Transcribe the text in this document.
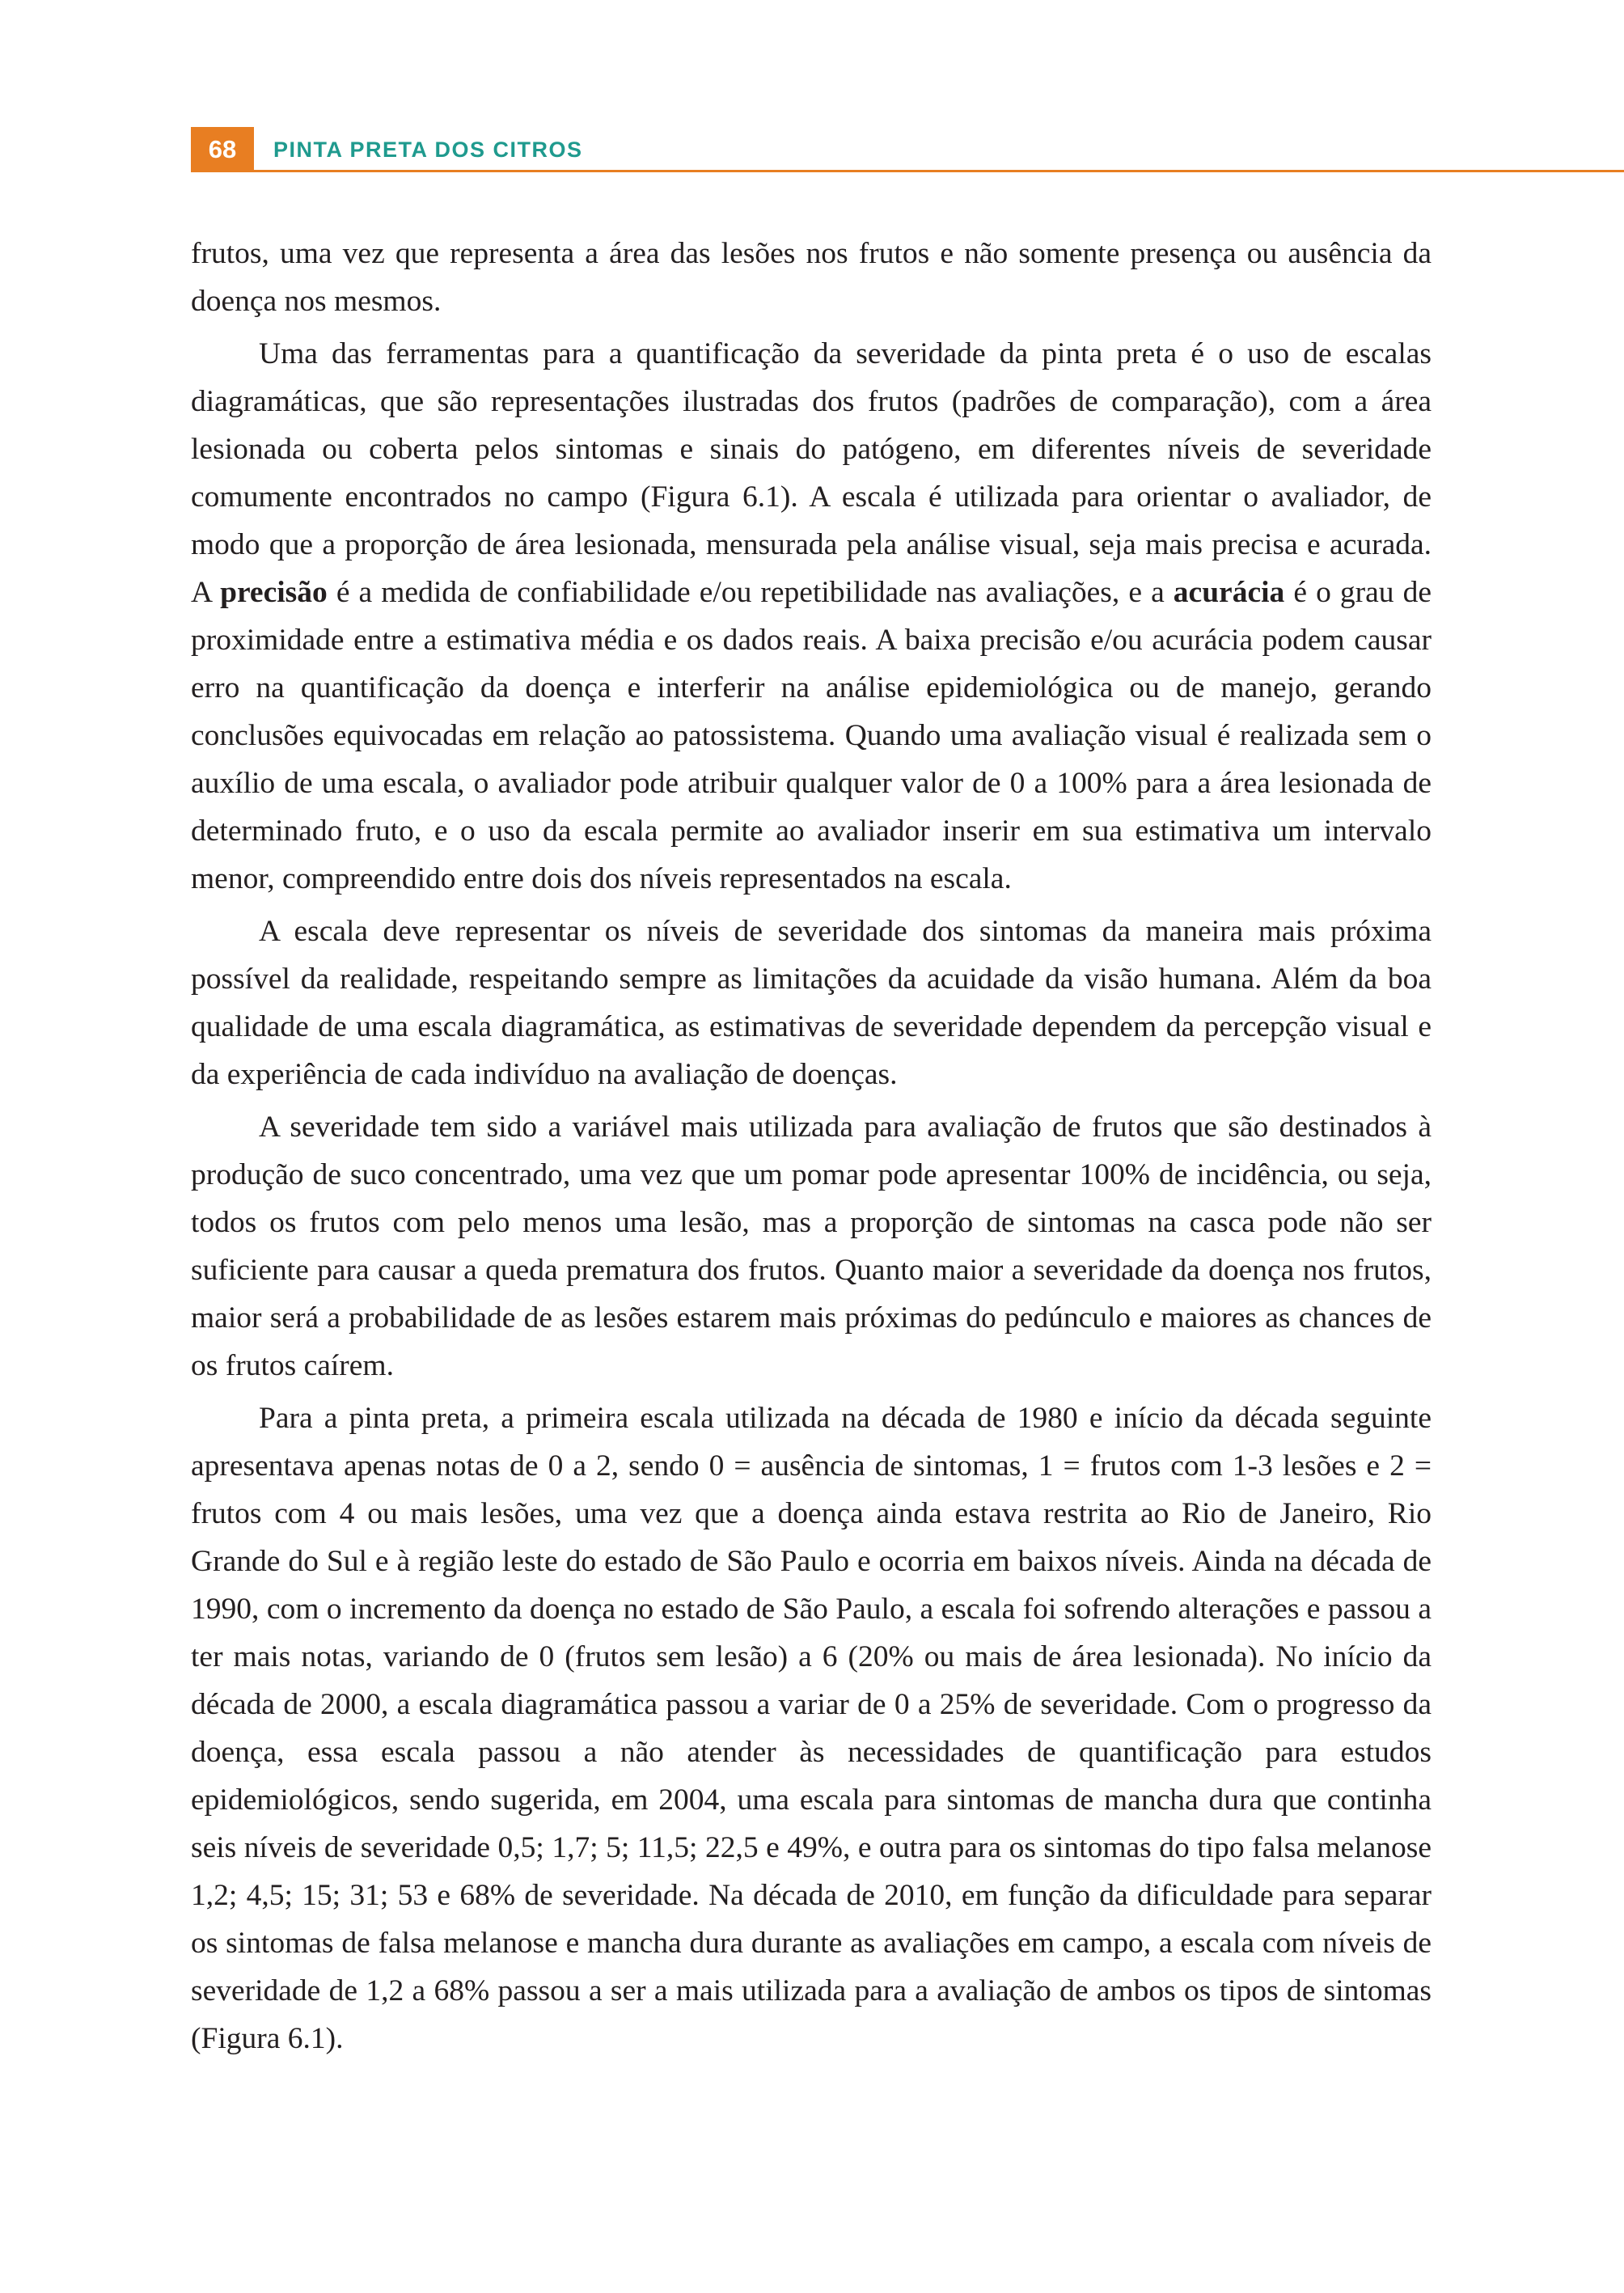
68	PINTA PRETA DOS CITROS

frutos, uma vez que representa a área das lesões nos frutos e não somente presença ou ausência da doença nos mesmos.

Uma das ferramentas para a quantificação da severidade da pinta preta é o uso de escalas diagramáticas, que são representações ilustradas dos frutos (padrões de comparação), com a área lesionada ou coberta pelos sintomas e sinais do patógeno, em diferentes níveis de severidade comumente encontrados no campo (Figura 6.1). A escala é utilizada para orientar o avaliador, de modo que a proporção de área lesionada, mensurada pela análise visual, seja mais precisa e acurada. A precisão é a medida de confiabilidade e/ou repetibilidade nas avaliações, e a acurácia é o grau de proximidade entre a estimativa média e os dados reais. A baixa precisão e/ou acurácia podem causar erro na quantificação da doença e interferir na análise epidemiológica ou de manejo, gerando conclusões equivocadas em relação ao patossistema. Quando uma avaliação visual é realizada sem o auxílio de uma escala, o avaliador pode atribuir qualquer valor de 0 a 100% para a área lesionada de determinado fruto, e o uso da escala permite ao avaliador inserir em sua estimativa um intervalo menor, compreendido entre dois dos níveis representados na escala.

A escala deve representar os níveis de severidade dos sintomas da maneira mais próxima possível da realidade, respeitando sempre as limitações da acuidade da visão humana. Além da boa qualidade de uma escala diagramática, as estimativas de severidade dependem da percepção visual e da experiência de cada indivíduo na avaliação de doenças.

A severidade tem sido a variável mais utilizada para avaliação de frutos que são destinados à produção de suco concentrado, uma vez que um pomar pode apresentar 100% de incidência, ou seja, todos os frutos com pelo menos uma lesão, mas a proporção de sintomas na casca pode não ser suficiente para causar a queda prematura dos frutos. Quanto maior a severidade da doença nos frutos, maior será a probabilidade de as lesões estarem mais próximas do pedúnculo e maiores as chances de os frutos caírem.

Para a pinta preta, a primeira escala utilizada na década de 1980 e início da década seguinte apresentava apenas notas de 0 a 2, sendo 0 = ausência de sintomas, 1 = frutos com 1-3 lesões e 2 = frutos com 4 ou mais lesões, uma vez que a doença ainda estava restrita ao Rio de Janeiro, Rio Grande do Sul e à região leste do estado de São Paulo e ocorria em baixos níveis. Ainda na década de 1990, com o incremento da doença no estado de São Paulo, a escala foi sofrendo alterações e passou a ter mais notas, variando de 0 (frutos sem lesão) a 6 (20% ou mais de área lesionada). No início da década de 2000, a escala diagramática passou a variar de 0 a 25% de severidade. Com o progresso da doença, essa escala passou a não atender às necessidades de quantificação para estudos epidemiológicos, sendo sugerida, em 2004, uma escala para sintomas de mancha dura que continha seis níveis de severidade 0,5; 1,7; 5; 11,5; 22,5 e 49%, e outra para os sintomas do tipo falsa melanose 1,2; 4,5; 15; 31; 53 e 68% de severidade. Na década de 2010, em função da dificuldade para separar os sintomas de falsa melanose e mancha dura durante as avaliações em campo, a escala com níveis de severidade de 1,2 a 68% passou a ser a mais utilizada para a avaliação de ambos os tipos de sintomas (Figura 6.1).
